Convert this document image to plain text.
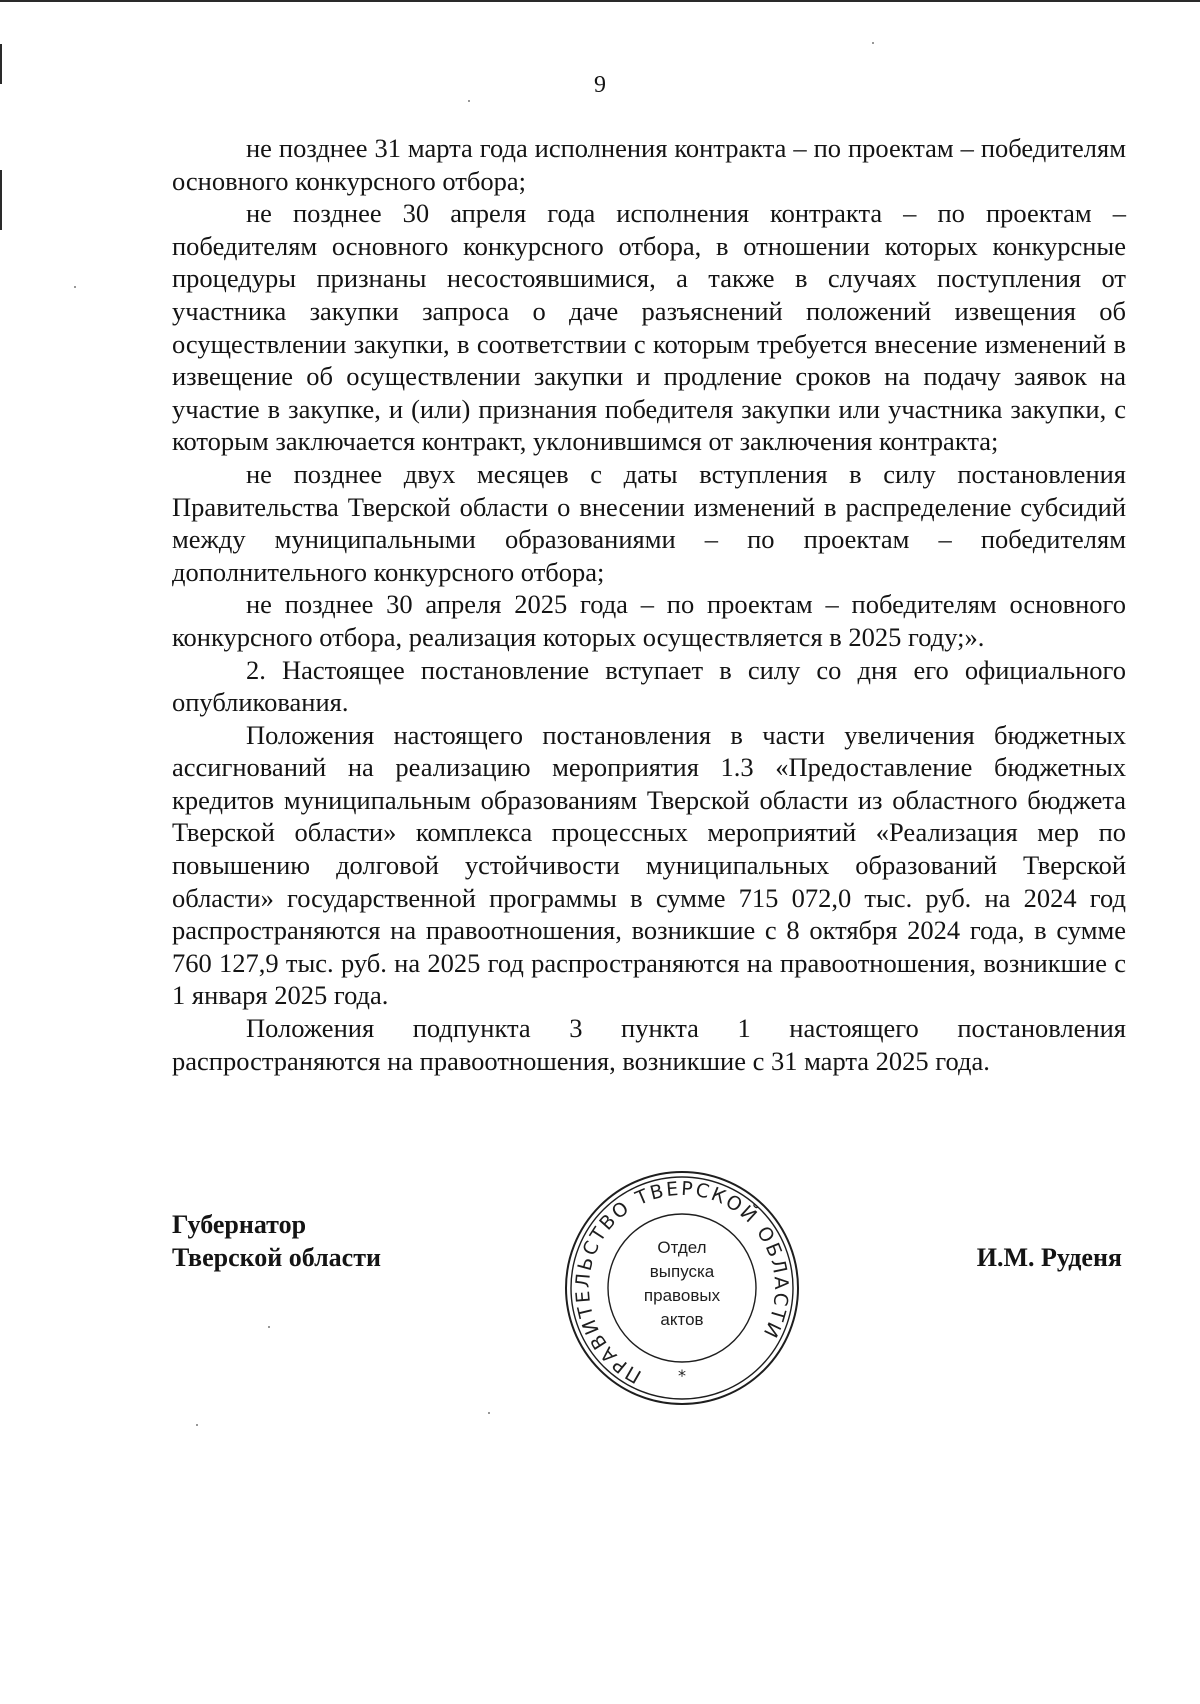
9

не позднее 31 марта года исполнения контракта – по проектам – победителям основного конкурсного отбора;

не позднее 30 апреля года исполнения контракта – по проектам – победителям основного конкурсного отбора, в отношении которых конкурсные процедуры признаны несостоявшимися, а также в случаях поступления от участника закупки запроса о даче разъяснений положений извещения об осуществлении закупки, в соответствии с которым требуется внесение изменений в извещение об осуществлении закупки и продление сроков на подачу заявок на участие в закупке, и (или) признания победителя закупки или участника закупки, с которым заключается контракт, уклонившимся от заключения контракта;

не позднее двух месяцев с даты вступления в силу постановления Правительства Тверской области о внесении изменений в распределение субсидий между муниципальными образованиями – по проектам – победителям дополнительного конкурсного отбора;

не позднее 30 апреля 2025 года – по проектам – победителям основного конкурсного отбора, реализация которых осуществляется в 2025 году;».

2. Настоящее постановление вступает в силу со дня его официального опубликования.

Положения настоящего постановления в части увеличения бюджетных ассигнований на реализацию мероприятия 1.3 «Предоставление бюджетных кредитов муниципальным образованиям Тверской области из областного бюджета Тверской области» комплекса процессных мероприятий «Реализация мер по повышению долговой устойчивости муниципальных образований Тверской области» государственной программы в сумме 715 072,0 тыс. руб. на 2024 год распространяются на правоотношения, возникшие с 8 октября 2024 года, в сумме 760 127,9 тыс. руб. на 2025 год распространяются на правоотношения, возникшие с 1 января 2025 года.

Положения подпункта 3 пункта 1 настоящего постановления распространяются на правоотношения, возникшие с 31 марта 2025 года.

Губернатор
Тверской области
ПРАВИТЕЛЬСТВО ТВЕРСКОЙ ОБЛАСТИ
*
Отдел
выпуска
правовых
актов
И.М. Руденя
